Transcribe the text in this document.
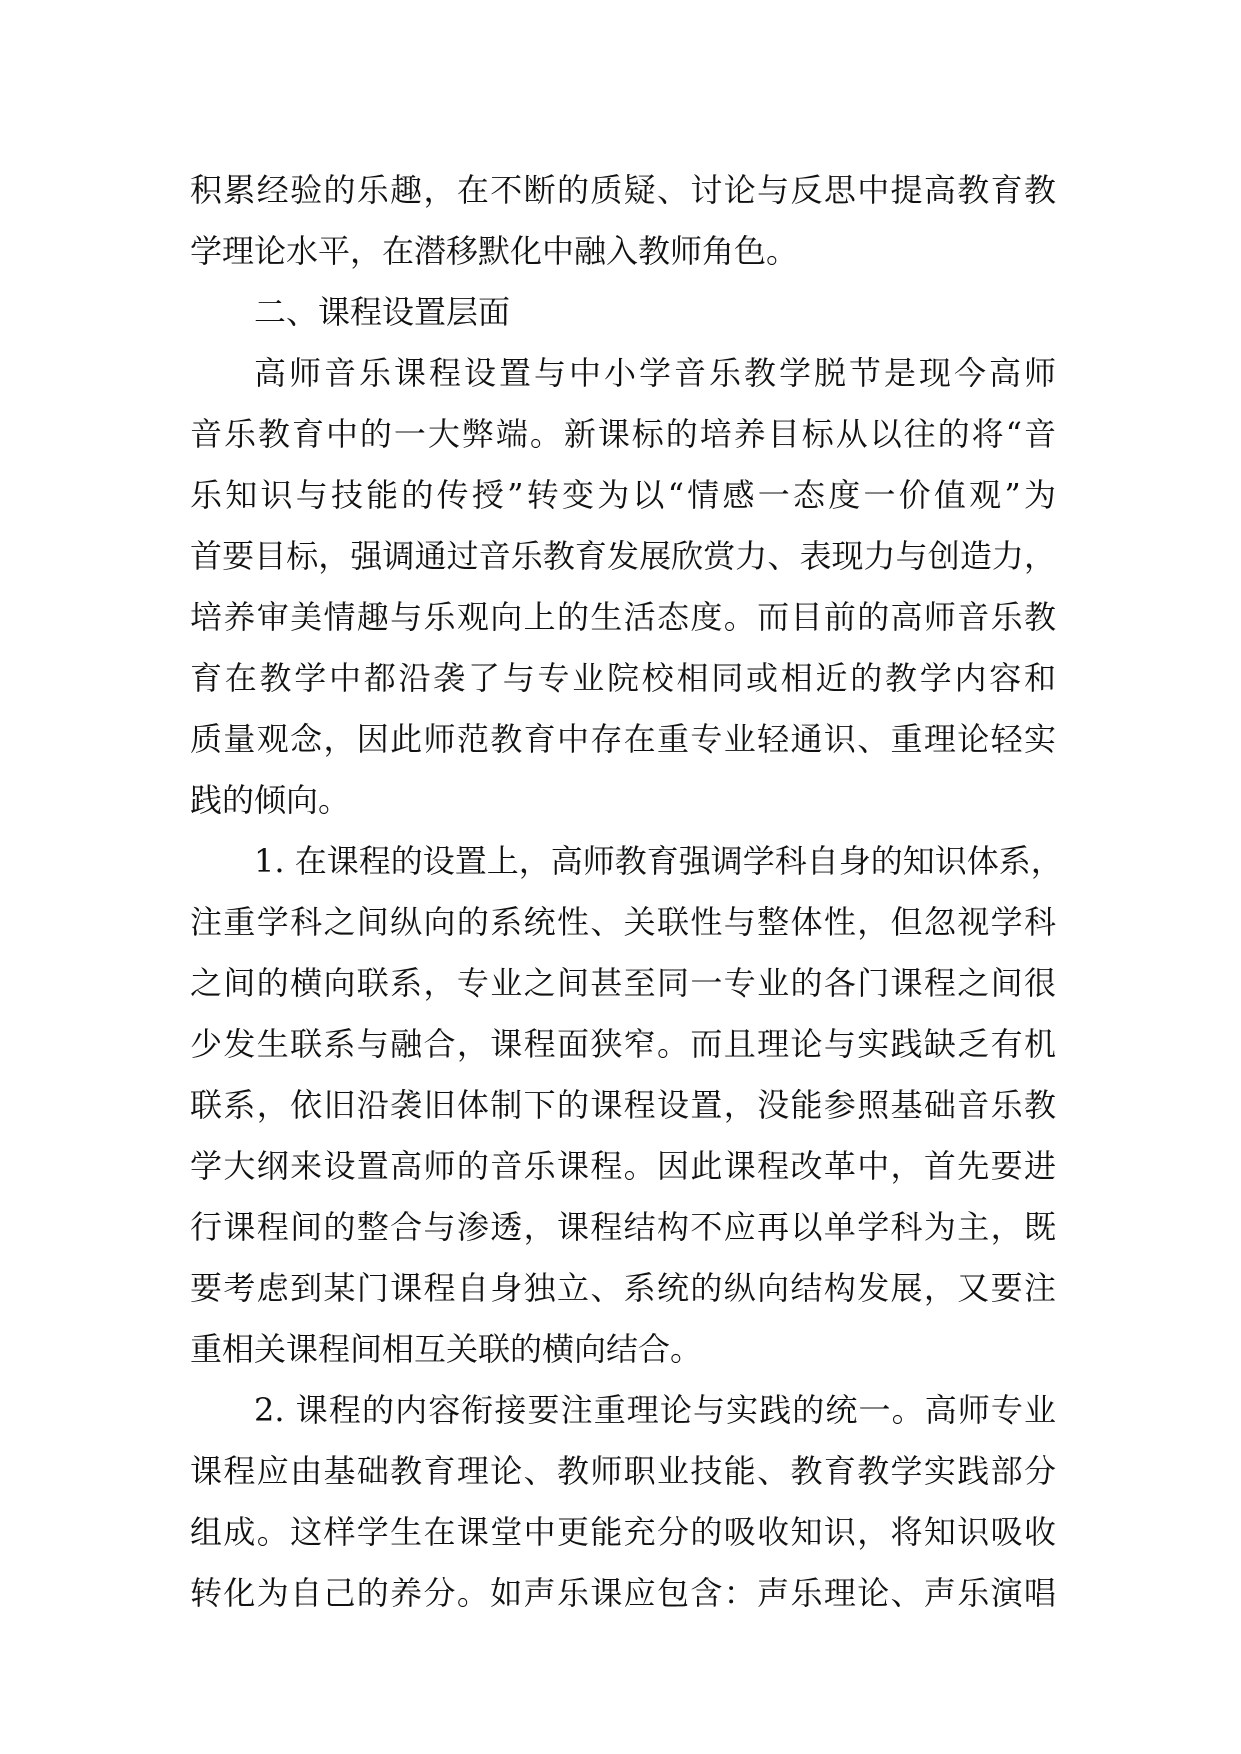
积累经验的乐趣，在不断的质疑、讨论与反思中提高教育教
学理论水平，在潜移默化中融入教师角色。
二、课程设置层面
高师音乐课程设置与中小学音乐教学脱节是现今高师
音乐教育中的一大弊端。新课标的培养目标从以往的将“音
乐知识与技能的传授”转变为以“情感一态度一价值观”为
首要目标，强调通过音乐教育发展欣赏力、表现力与创造力，
培养审美情趣与乐观向上的生活态度。而目前的高师音乐教
育在教学中都沿袭了与专业院校相同或相近的教学内容和
质量观念，因此师范教育中存在重专业轻通识、重理论轻实
践的倾向。
1. 在课程的设置上，高师教育强调学科自身的知识体系，
注重学科之间纵向的系统性、关联性与整体性，但忽视学科
之间的横向联系，专业之间甚至同一专业的各门课程之间很
少发生联系与融合，课程面狭窄。而且理论与实践缺乏有机
联系，依旧沿袭旧体制下的课程设置，没能参照基础音乐教
学大纲来设置高师的音乐课程。因此课程改革中，首先要进
行课程间的整合与渗透，课程结构不应再以单学科为主，既
要考虑到某门课程自身独立、系统的纵向结构发展，又要注
重相关课程间相互关联的横向结合。
2. 课程的内容衔接要注重理论与实践的统一。高师专业
课程应由基础教育理论、教师职业技能、教育教学实践部分
组成。这样学生在课堂中更能充分的吸收知识，将知识吸收
转化为自己的养分。如声乐课应包含：声乐理论、声乐演唱
